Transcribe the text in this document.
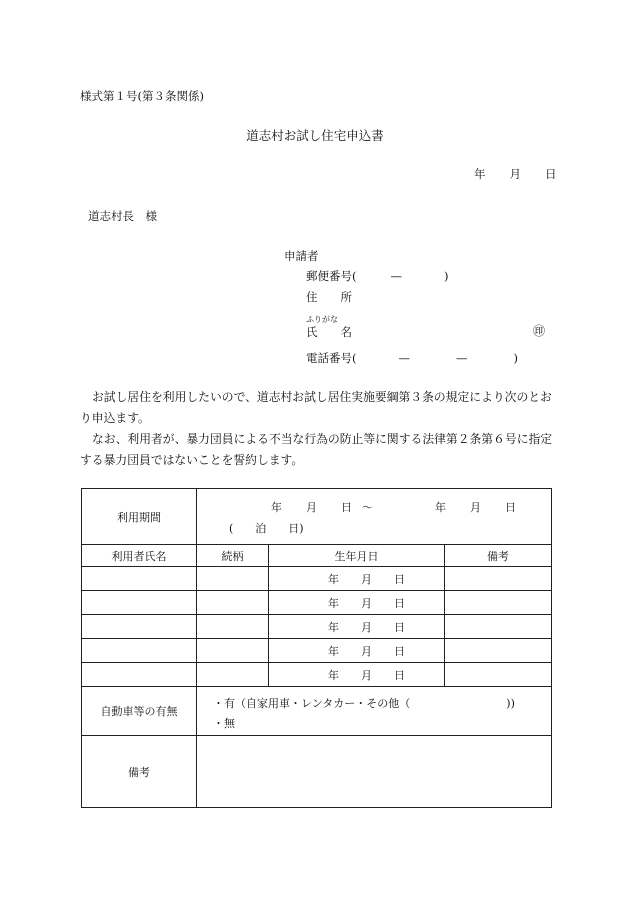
様式第１号(第３条関係)
道志村お試し住宅申込書
年 月 日
道志村長　様
申請者
郵便番号(	—	)
住　　所
ふりがな
氏　　名	㊞
電話番号(	—	—	)
お試し居住を利用したいので、道志村お試し居住実施要綱第３条の規定により次のとおり申込ます。
なお、利用者が、暴力団員による不当な行為の防止等に関する法律第２条第６号に指定する暴力団員ではないことを誓約します。
利用期間	年 月 日 ～ 年 月 日
( 泊 日)		

利用者氏名	続柄	生年月日	備考
		年 月 日	
		年 月 日	
		年 月 日	
		年 月 日	
		年 月 日	
自動車等の有無	・有（自家用車・レンタカー・その他（ ))
・無		

備考			
